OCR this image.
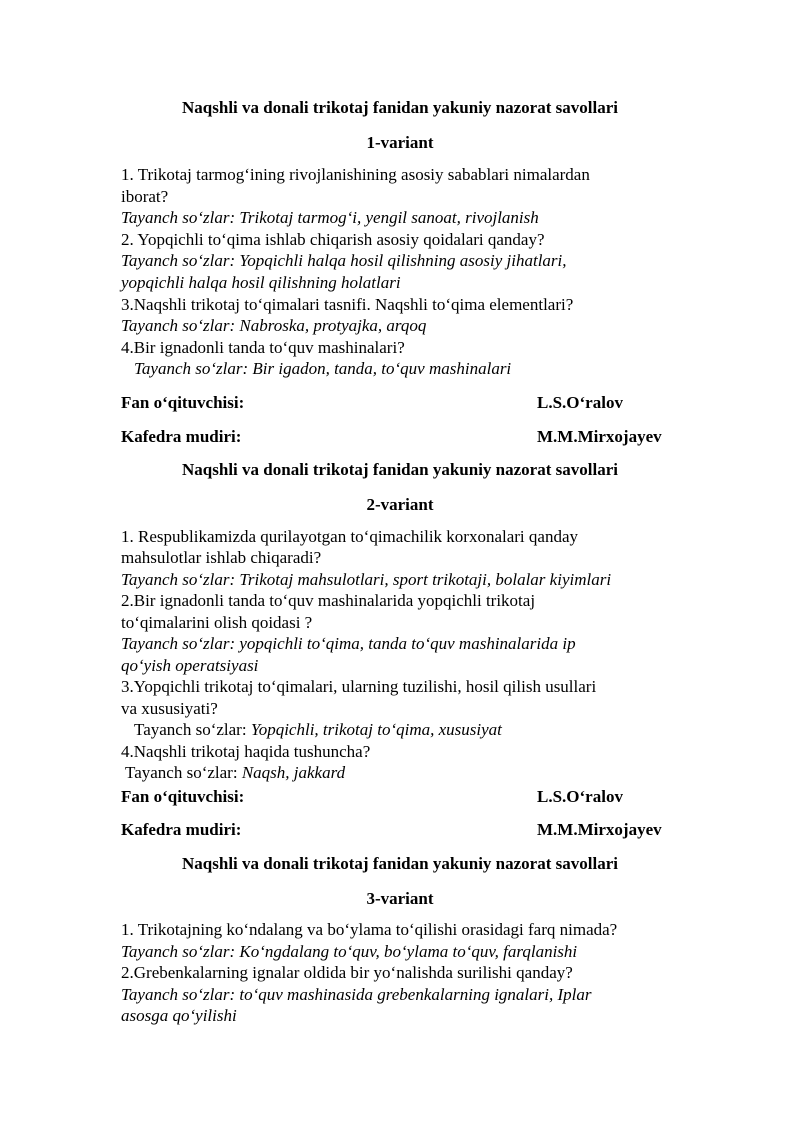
Naqshli va donali trikotaj fanidan yakuniy nazorat savollari
1-variant
1. Trikotaj tarmog‘ining rivojlanishining asosiy sabablari nimalardan
iborat?
Tayanch so‘zlar: Trikotaj tarmog‘i, yengil sanoat, rivojlanish
2. Yopqichli to‘qima ishlab chiqarish asosiy qoidalari qanday?
Tayanch so‘zlar: Yopqichli halqa hosil qilishning asosiy jihatlari,
yopqichli halqa hosil qilishning holatlari
3.Naqshli trikotaj to‘qimalari tasnifi. Naqshli to‘qima elementlari?
Tayanch so‘zlar: Nabroska, protyajka, arqoq
4.Bir ignadonli tanda to‘quv mashinalari?
Tayanch so‘zlar: Bir igadon, tanda, to‘quv mashinalari
Fan o‘qituvchisi:	L.S.O‘ralov
Kafedra mudiri:	M.M.Mirxojayev
Naqshli va donali trikotaj fanidan yakuniy nazorat savollari
2-variant
1. Respublikamizda qurilayotgan to‘qimachilik korxonalari qanday
mahsulotlar ishlab chiqaradi?
Tayanch so‘zlar: Trikotaj mahsulotlari, sport trikotaji, bolalar kiyimlari
2.Bir ignadonli tanda to‘quv mashinalarida yopqichli trikotaj
to‘qimalarini olish qoidasi ?
Tayanch so‘zlar: yopqichli to‘qima, tanda to‘quv mashinalarida ip
qo‘yish operatsiyasi
3.Yopqichli trikotaj to‘qimalari, ularning tuzilishi, hosil qilish usullari
va xususiyati?
Tayanch so‘zlar: Yopqichli, trikotaj to‘qima, xususiyat
4.Naqshli trikotaj haqida tushuncha?
Tayanch so‘zlar: Naqsh, jakkard
Fan o‘qituvchisi:	L.S.O‘ralov
Kafedra mudiri:	M.M.Mirxojayev
Naqshli va donali trikotaj fanidan yakuniy nazorat savollari
3-variant
1. Trikotajning ko‘ndalang va bo‘ylama to‘qilishi orasidagi farq nimada?
Tayanch so‘zlar: Ko‘ngdalang to‘quv, bo‘ylama to‘quv, farqlanishi
2.Grebenkalarning ignalar oldida bir yo‘nalishda surilishi qanday?
Tayanch so‘zlar: to‘quv mashinasida grebenkalarning ignalari, Iplar
asosga qo‘yilishi
